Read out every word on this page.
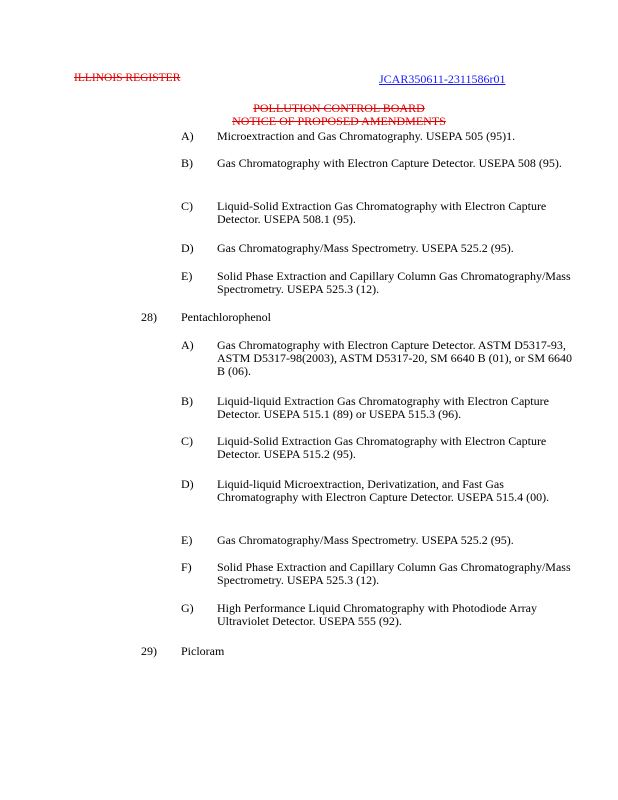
ILLINOIS REGISTER	JCAR350611-2311586r01
POLLUTION CONTROL BOARD
NOTICE OF PROPOSED AMENDMENTS
A) Microextraction and Gas Chromatography. USEPA 505 (95)1.
B) Gas Chromatography with Electron Capture Detector. USEPA 508 (95).
C) Liquid-Solid Extraction Gas Chromatography with Electron Capture Detector. USEPA 508.1 (95).
D) Gas Chromatography/Mass Spectrometry. USEPA 525.2 (95).
E) Solid Phase Extraction and Capillary Column Gas Chromatography/Mass Spectrometry. USEPA 525.3 (12).
28) Pentachlorophenol
A) Gas Chromatography with Electron Capture Detector. ASTM D5317-93, ASTM D5317-98(2003), ASTM D5317-20, SM 6640 B (01), or SM 6640 B (06).
B) Liquid-liquid Extraction Gas Chromatography with Electron Capture Detector. USEPA 515.1 (89) or USEPA 515.3 (96).
C) Liquid-Solid Extraction Gas Chromatography with Electron Capture Detector. USEPA 515.2 (95).
D) Liquid-liquid Microextraction, Derivatization, and Fast Gas Chromatography with Electron Capture Detector. USEPA 515.4 (00).
E) Gas Chromatography/Mass Spectrometry. USEPA 525.2 (95).
F) Solid Phase Extraction and Capillary Column Gas Chromatography/Mass Spectrometry. USEPA 525.3 (12).
G) High Performance Liquid Chromatography with Photodiode Array Ultraviolet Detector. USEPA 555 (92).
29) Picloram
